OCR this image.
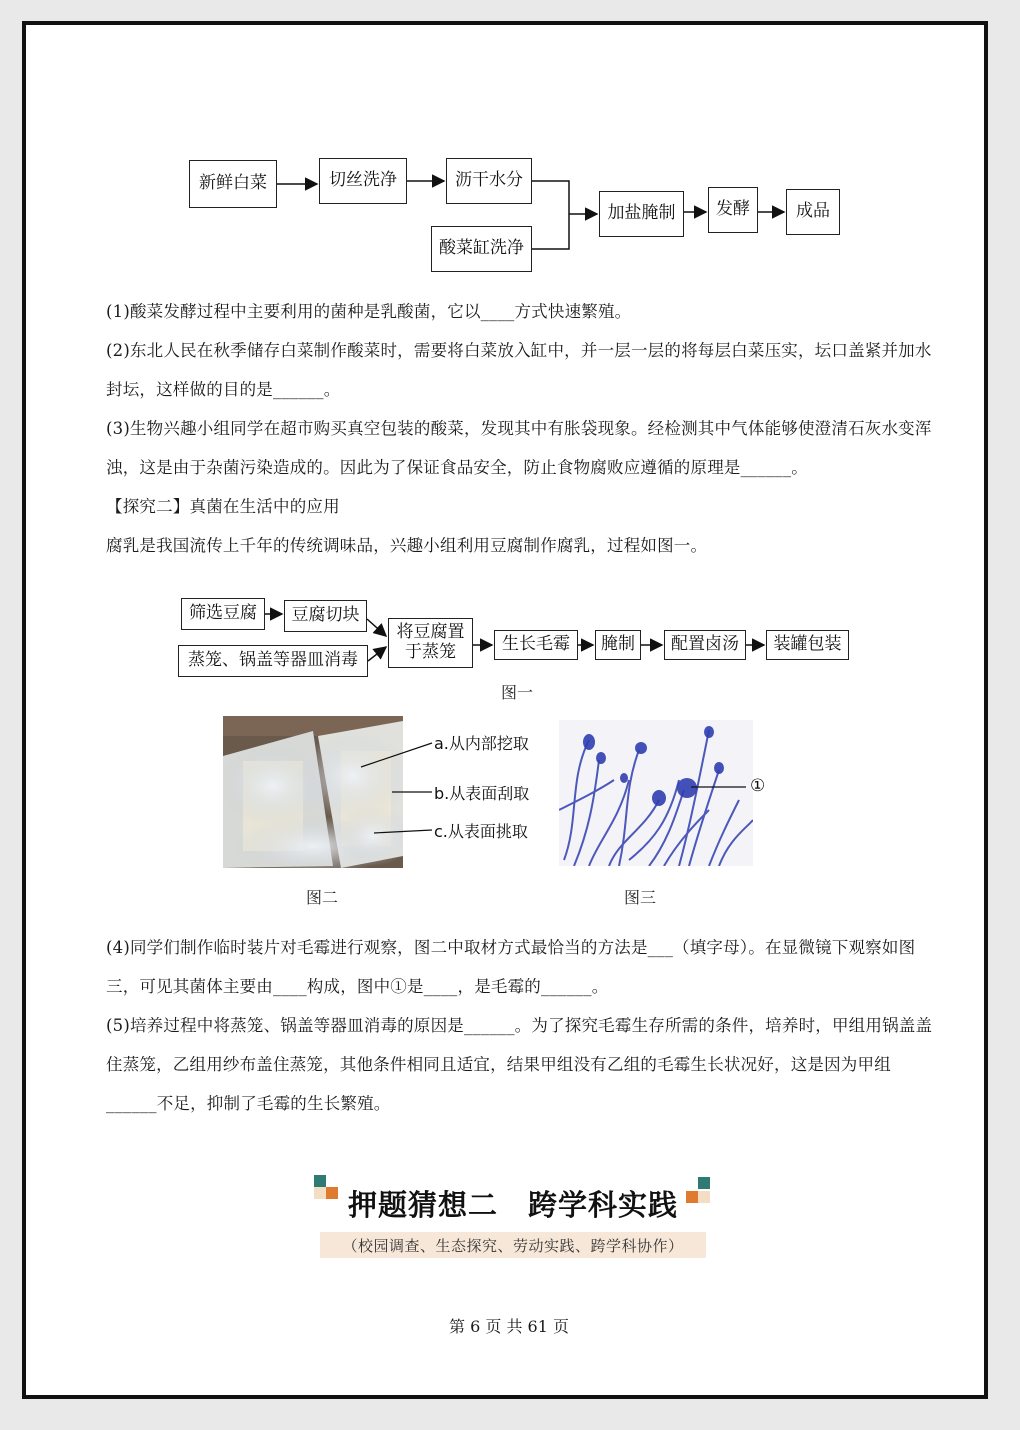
新鲜白菜	切丝洗净	沥干水分
酸菜缸洗净
加盐腌制	发酵	成品
(1)酸菜发酵过程中主要利用的菌种是乳酸菌，它以____方式快速繁殖。
(2)东北人民在秋季储存白菜制作酸菜时，需要将白菜放入缸中，并一层一层的将每层白菜压实，坛口盖紧并加水封坛，这样做的目的是______。
(3)生物兴趣小组同学在超市购买真空包装的酸菜，发现其中有胀袋现象。经检测其中气体能够使澄清石灰水变浑浊，这是由于杂菌污染造成的。因此为了保证食品安全，防止食物腐败应遵循的原理是______。
【探究二】真菌在生活中的应用
腐乳是我国流传上千年的传统调味品，兴趣小组利用豆腐制作腐乳，过程如图一。
筛选豆腐	豆腐切块
蒸笼、锅盖等器皿消毒
将豆腐置于蒸笼	生长毛霉	腌制	配置卤汤	装罐包装
图一
a.从内部挖取
b.从表面刮取
c.从表面挑取
图二
①
图三
(4)同学们制作临时装片对毛霉进行观察，图二中取材方式最恰当的方法是___（填字母）。在显微镜下观察如图三，可见其菌体主要由____构成，图中①是____，是毛霉的______。
(5)培养过程中将蒸笼、锅盖等器皿消毒的原因是______。为了探究毛霉生存所需的条件，培养时，甲组用锅盖盖住蒸笼，乙组用纱布盖住蒸笼，其他条件相同且适宜，结果甲组没有乙组的毛霉生长状况好，这是因为甲组______不足，抑制了毛霉的生长繁殖。
押题猜想二　跨学科实践
（校园调查、生态探究、劳动实践、跨学科协作）
第 6 页 共 61 页
